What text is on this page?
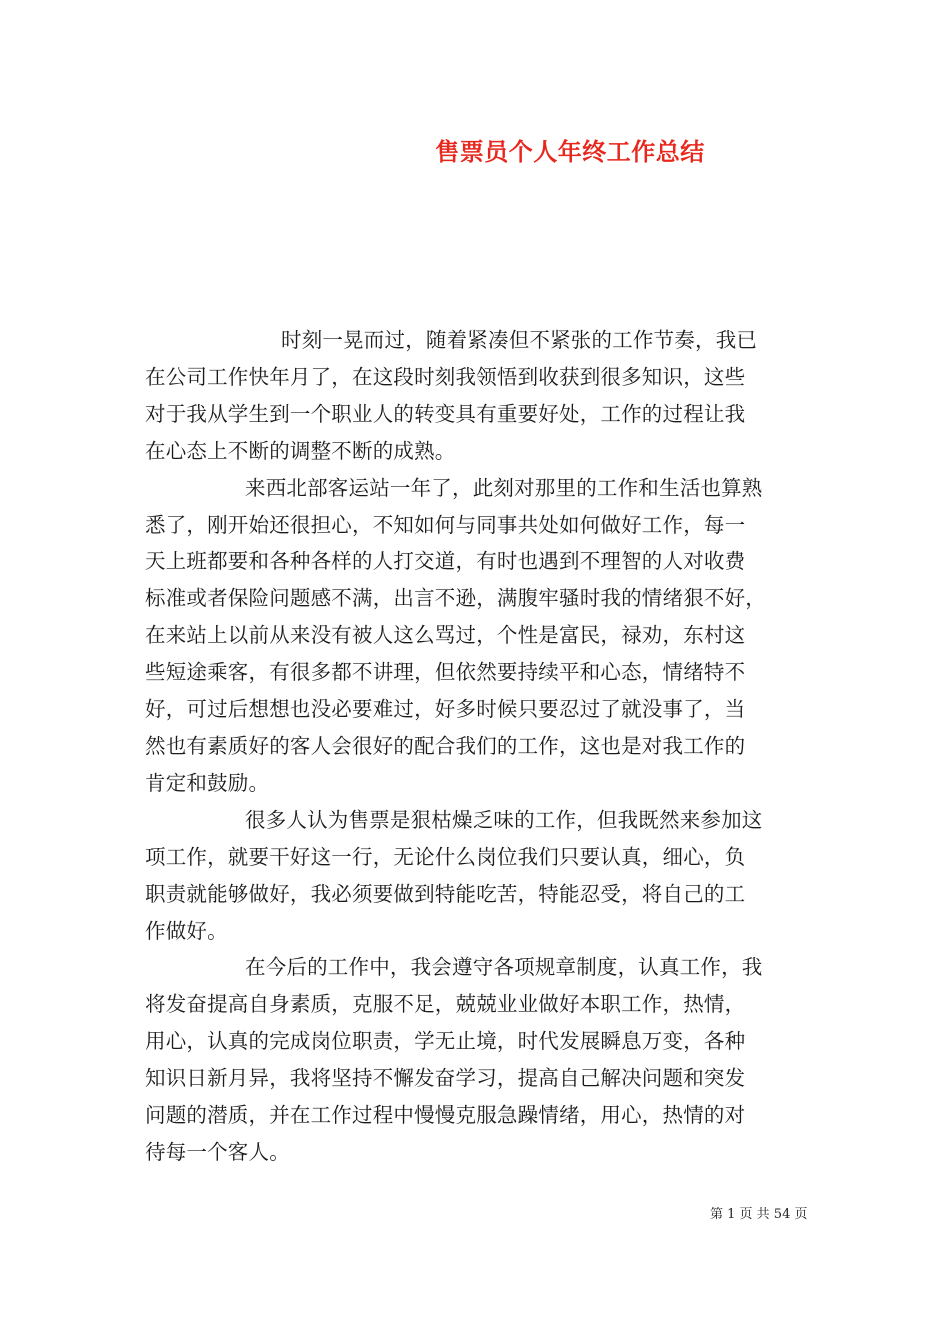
售票员个人年终工作总结

时刻一晃而过，随着紧凑但不紧张的工作节奏，我已
在公司工作快年月了，在这段时刻我领悟到收获到很多知识，这些
对于我从学生到一个职业人的转变具有重要好处，工作的过程让我
在心态上不断的调整不断的成熟。

来西北部客运站一年了，此刻对那里的工作和生活也算熟
悉了，刚开始还很担心，不知如何与同事共处如何做好工作，每一
天上班都要和各种各样的人打交道，有时也遇到不理智的人对收费
标准或者保险问题感不满，出言不逊，满腹牢骚时我的情绪狠不好，
在来站上以前从来没有被人这么骂过，个性是富民，禄劝，东村这
些短途乘客，有很多都不讲理，但依然要持续平和心态，情绪特不
好，可过后想想也没必要难过，好多时候只要忍过了就没事了，当
然也有素质好的客人会很好的配合我们的工作，这也是对我工作的
肯定和鼓励。

很多人认为售票是狠枯燥乏味的工作，但我既然来参加这
项工作，就要干好这一行，无论什么岗位我们只要认真，细心，负
职责就能够做好，我必须要做到特能吃苦，特能忍受，将自己的工
作做好。

在今后的工作中，我会遵守各项规章制度，认真工作，我
将发奋提高自身素质，克服不足，兢兢业业做好本职工作，热情，
用心，认真的完成岗位职责，学无止境，时代发展瞬息万变，各种
知识日新月异，我将坚持不懈发奋学习，提高自己解决问题和突发
问题的潜质，并在工作过程中慢慢克服急躁情绪，用心，热情的对
待每一个客人。

第 1 页 共 54 页
